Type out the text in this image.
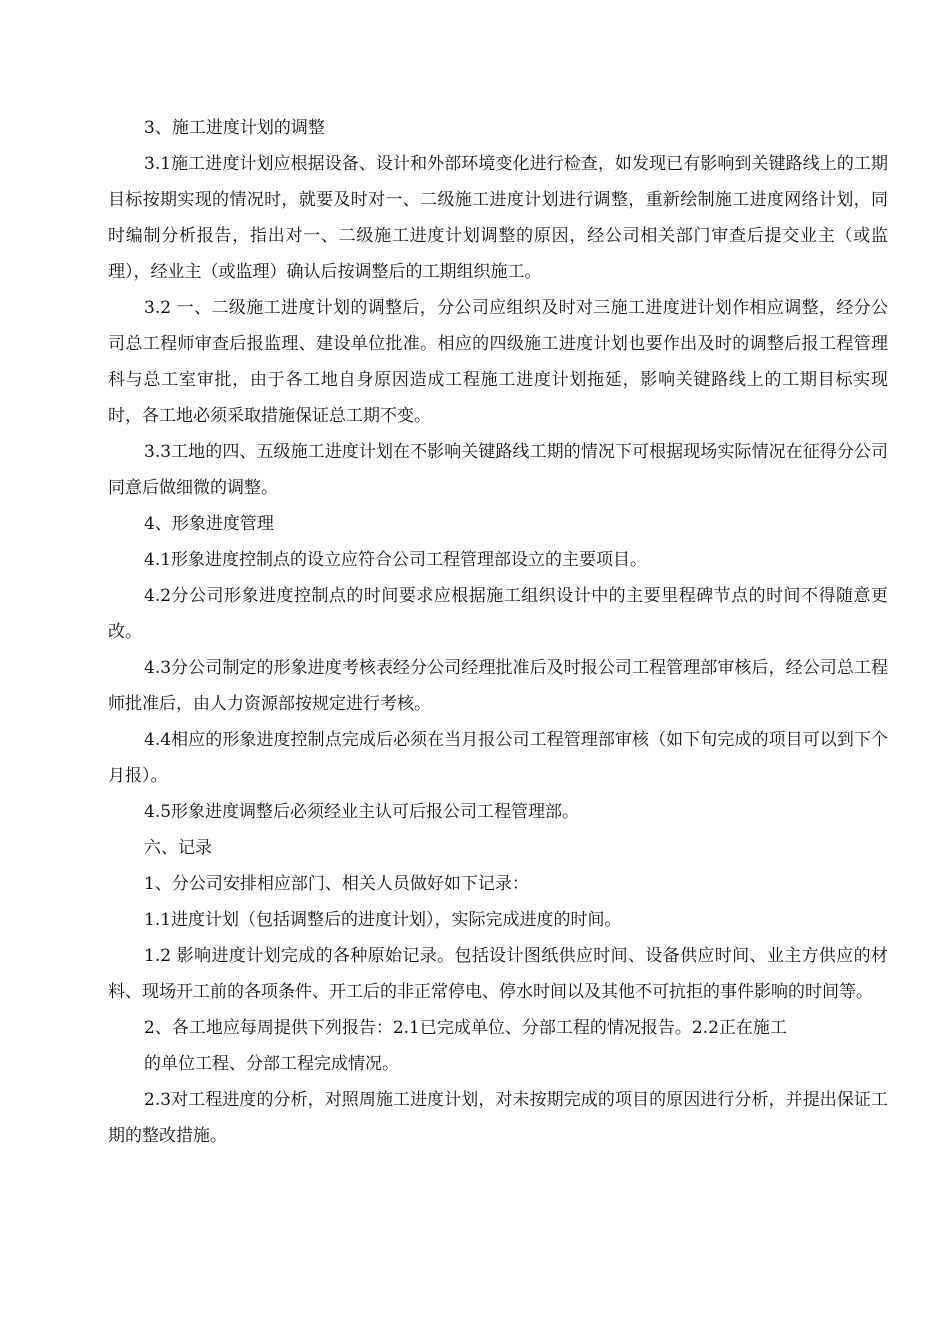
3、施工进度计划的调整

3.1施工进度计划应根据设备、设计和外部环境变化进行检查，如发现已有影响到关键路线上的工期目标按期实现的情况时，就要及时对一、二级施工进度计划进行调整，重新绘制施工进度网络计划，同时编制分析报告，指出对一、二级施工进度计划调整的原因，经公司相关部门审查后提交业主（或监理），经业主（或监理）确认后按调整后的工期组织施工。

3.2 一、二级施工进度计划的调整后，分公司应组织及时对三施工进度进计划作相应调整，经分公司总工程师审查后报监理、建设单位批准。相应的四级施工进度计划也要作出及时的调整后报工程管理科与总工室审批，由于各工地自身原因造成工程施工进度计划拖延，影响关键路线上的工期目标实现时，各工地必须采取措施保证总工期不变。

3.3工地的四、五级施工进度计划在不影响关键路线工期的情况下可根据现场实际情况在征得分公司同意后做细微的调整。

4、形象进度管理

4.1形象进度控制点的设立应符合公司工程管理部设立的主要项目。

4.2分公司形象进度控制点的时间要求应根据施工组织设计中的主要里程碑节点的时间不得随意更改。

4.3分公司制定的形象进度考核表经分公司经理批准后及时报公司工程管理部审核后，经公司总工程师批准后，由人力资源部按规定进行考核。

4.4相应的形象进度控制点完成后必须在当月报公司工程管理部审核（如下旬完成的项目可以到下个月报）。

4.5形象进度调整后必须经业主认可后报公司工程管理部。

六、记录

1、分公司安排相应部门、相关人员做好如下记录：

1.1进度计划（包括调整后的进度计划），实际完成进度的时间。

1.2 影响进度计划完成的各种原始记录。包括设计图纸供应时间、设备供应时间、业主方供应的材料、现场开工前的各项条件、开工后的非正常停电、停水时间以及其他不可抗拒的事件影响的时间等。

2、各工地应每周提供下列报告：2.1已完成单位、分部工程的情况报告。2.2正在施工

的单位工程、分部工程完成情况。

2.3对工程进度的分析，对照周施工进度计划，对未按期完成的项目的原因进行分析，并提出保证工期的整改措施。
